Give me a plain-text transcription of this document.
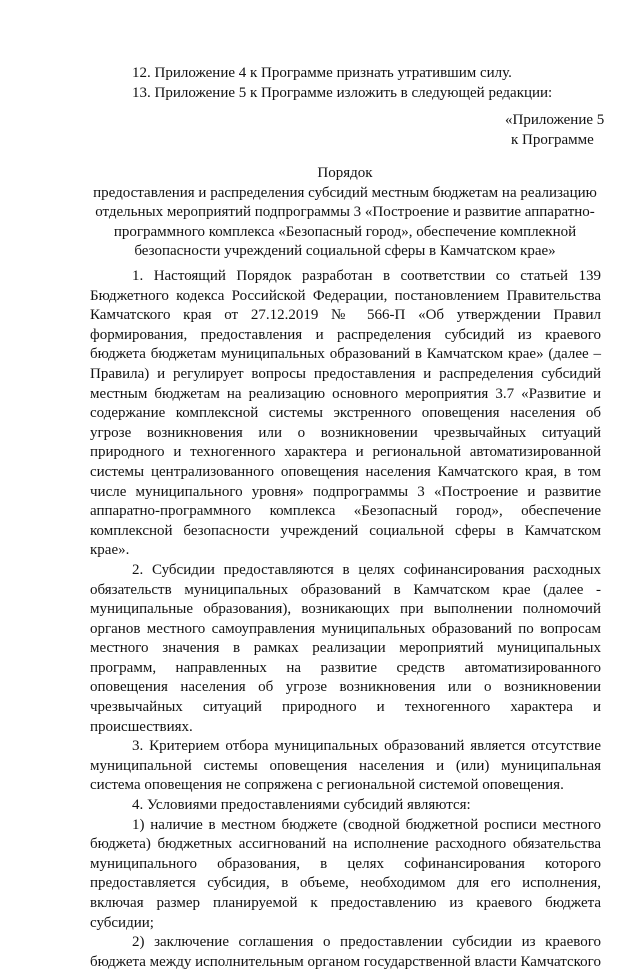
12. Приложение 4 к Программе признать утратившим силу.
13. Приложение 5 к Программе изложить в следующей редакции:
«Приложение 5
к Программе
Порядок
предоставления и распределения субсидий местным бюджетам на реализацию
отдельных мероприятий подпрограммы 3 «Построение и развитие аппаратно-
программного комплекса «Безопасный город», обеспечение комплекной
безопасности учреждений социальной сферы в Камчатском крае»

1. Настоящий Порядок разработан в соответствии со статьей 139 Бюджетного кодекса Российской Федерации, постановлением Правительства Камчатского края от 27.12.2019 № 566-П «Об утверждении Правил формирования, предоставления и распределения субсидий из краевого бюджета бюджетам муниципальных образований в Камчатском крае» (далее – Правила) и регулирует вопросы предоставления и распределения субсидий местным бюджетам на реализацию основного мероприятия 3.7 «Развитие и содержание комплексной системы экстренного оповещения населения об угрозе возникновения или о возникновении чрезвычайных ситуаций природного и техногенного характера и региональной автоматизированной системы централизованного оповещения населения Камчатского края, в том числе муниципального уровня» подпрограммы 3 «Построение и развитие аппаратно-программного комплекса «Безопасный город», обеспечение комплексной безопасности учреждений социальной сферы в Камчатском крае».

2. Субсидии предоставляются в целях софинансирования расходных обязательств муниципальных образований в Камчатском крае (далее - муниципальные образования), возникающих при выполнении полномочий органов местного самоуправления муниципальных образований по вопросам местного значения в рамках реализации мероприятий муниципальных программ, направленных на развитие средств автоматизированного оповещения населения об угрозе возникновения или о возникновении чрезвычайных ситуаций природного и техногенного характера и происшествиях.

3. Критерием отбора муниципальных образований является отсутствие муниципальной системы оповещения населения и (или) муниципальная система оповещения не сопряжена с региональной системой оповещения.

4. Условиями предоставлениями субсидий являются:

1) наличие в местном бюджете (сводной бюджетной росписи местного бюджета) бюджетных ассигнований на исполнение расходного обязательства муниципального образования, в целях софинансирования которого предоставляется субсидия, в объеме, необходимом для его исполнения, включая размер планируемой к предоставлению из краевого бюджета субсидии;

2) заключение соглашения о предоставлении субсидии из краевого бюджета между исполнительным органом государственной власти Камчатского
